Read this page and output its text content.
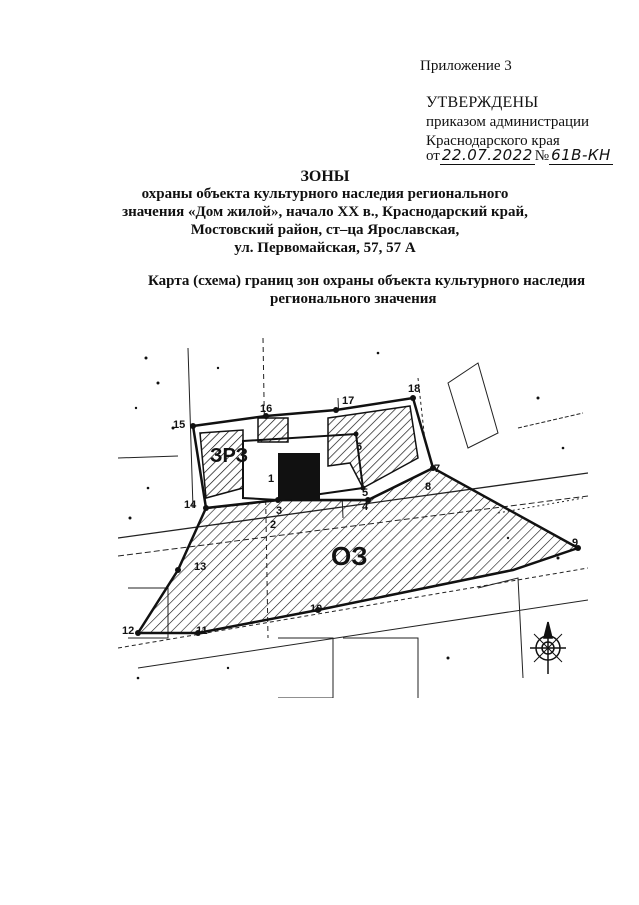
Приложение 3
УТВЕРЖДЕНЫ
приказом администрации
Краснодарского края
от 22.07.2022 № 61В-КН
ЗОНЫ
охраны объекта культурного наследия регионального
значения «Дом жилой», начало XX в., Краснодарский край,
Мостовский район, ст–ца Ярославская,
ул. Первомайская, 57, 57 А
Карта (схема) границ зон охраны объекта культурного наследия
регионального значения
ЗРЗ
ОЗ
3
2
5
4
6
1
7
8
9
10
11
12
13
14
15
16
17
18
